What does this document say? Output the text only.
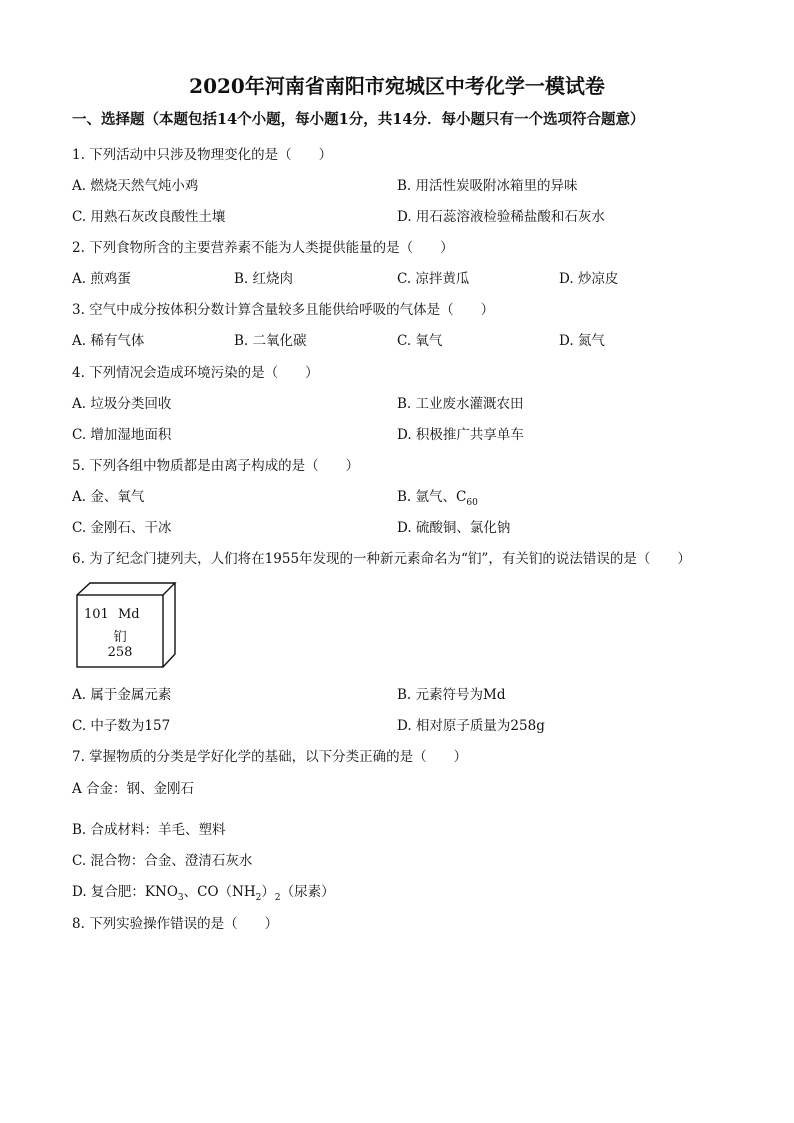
2020年河南省南阳市宛城区中考化学一模试卷
一、选择题（本题包括14个小题，每小题1分，共14分．每小题只有一个选项符合题意）
1. 下列活动中只涉及物理变化的是（　　）
A. 燃烧天然气炖小鸡	B. 用活性炭吸附冰箱里的异味
C. 用熟石灰改良酸性土壤	D. 用石蕊溶液检验稀盐酸和石灰水
2. 下列食物所含的主要营养素不能为人类提供能量的是（　　）
A. 煎鸡蛋	B. 红烧肉	C. 凉拌黄瓜	D. 炒凉皮
3. 空气中成分按体积分数计算含量较多且能供给呼吸的气体是（　　）
A. 稀有气体	B. 二氧化碳	C. 氧气	D. 氮气
4. 下列情况会造成环境污染的是（　　）
A. 垃圾分类回收	B. 工业废水灌溉农田
C. 增加湿地面积	D. 积极推广共享单车
5. 下列各组中物质都是由离子构成的是（　　）
A. 金、氧气	B. 氩气、$C_{60}$
C. 金刚石、干冰	D. 硫酸铜、氯化钠
6. 为了纪念门捷列夫，人们将在1955年发现的一种新元素命名为“钔”，有关钔的说法错误的是（　　）
101 Md
钔
258
A. 属于金属元素	B. 元素符号为Md
C. 中子数为157	D. 相对原子质量为258g
7. 掌握物质的分类是学好化学的基础，以下分类正确的是（　　）
A 合金：钢、金刚石
B. 合成材料：羊毛、塑料
C. 混合物：合金、澄清石灰水
D. 复合肥：$KNO_3$、$CO(NH_2)_2$（尿素）
8. 下列实验操作错误的是（　　）
